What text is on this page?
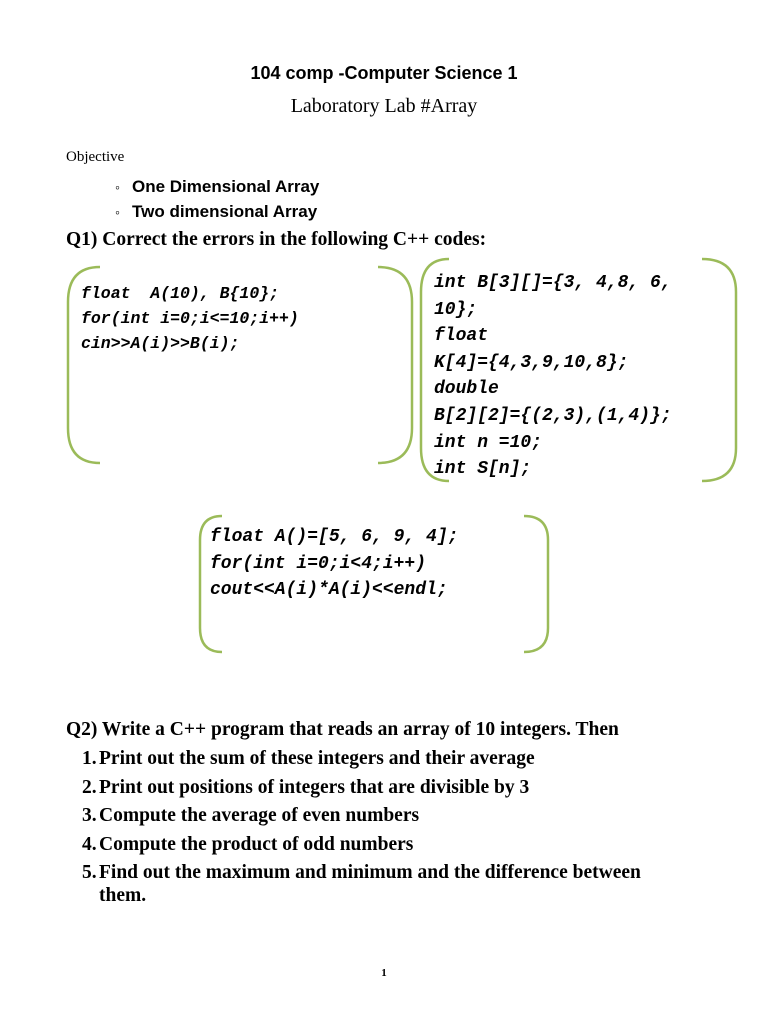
104 comp -Computer Science 1
Laboratory Lab #Array
Objective
◦ One Dimensional Array
◦ Two dimensional Array
Q1) Correct the errors in the following C++ codes:
float  A(10), B{10};
for(int i=0;i<=10;i++)
cin>>A(i)>>B(i);
int B[3][]={3, 4,8, 6,
10};
float
K[4]={4,3,9,10,8};
double
B[2][2]={(2,3),(1,4)};
int n =10;
int S[n];
float A()=[5, 6, 9, 4];
for(int i=0;i<4;i++)
cout<<A(i)*A(i)<<endl;
Q2) Write a C++ program that reads an array of 10 integers. Then
1. Print out the sum of these integers and their average
2. Print out positions of integers that are divisible by 3
3. Compute the average of even numbers
4. Compute the product of odd numbers
5. Find out the maximum and minimum and the difference between them.
1
